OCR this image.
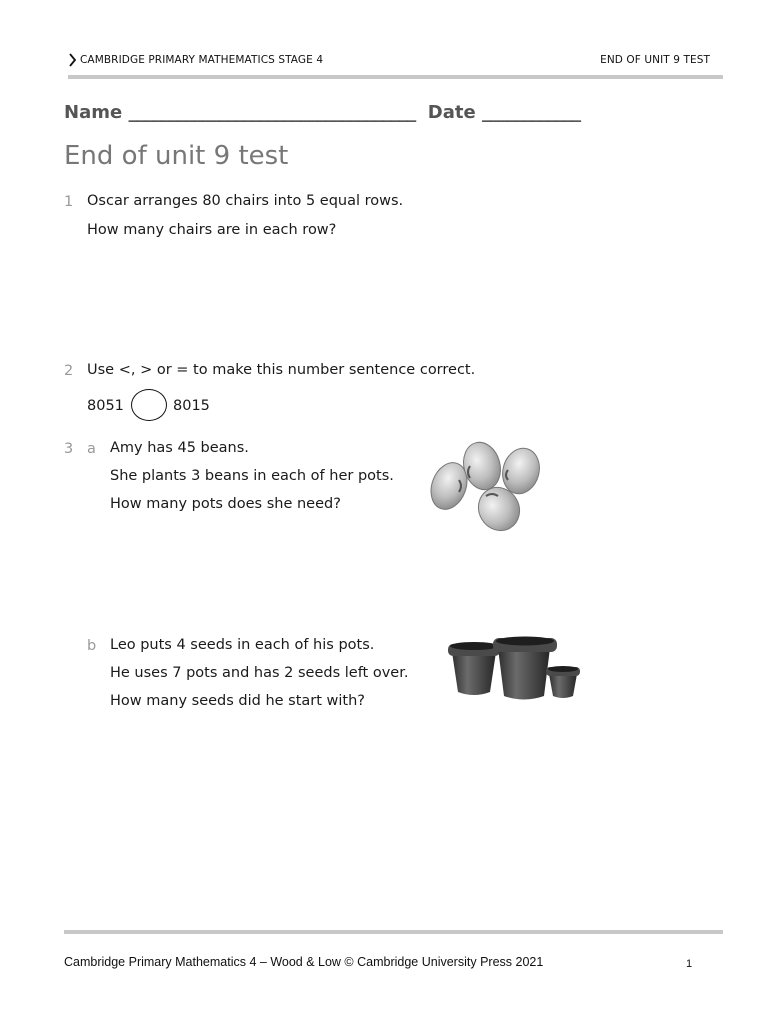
CAMBRIDGE PRIMARY MATHEMATICS STAGE 4	END OF UNIT 9 TEST
Name ___________________________________ Date ____________
End of unit 9 test
1 Oscar arranges 80 chairs into 5 equal rows.
How many chairs are in each row?
2 Use <, > or = to make this number sentence correct.
8051	8015
3 a Amy has 45 beans.
She plants 3 beans in each of her pots.
How many pots does she need?
b Leo puts 4 seeds in each of his pots.
He uses 7 pots and has 2 seeds left over.
How many seeds did he start with?
Cambridge Primary Mathematics 4 – Wood & Low © Cambridge University Press 2021	1
